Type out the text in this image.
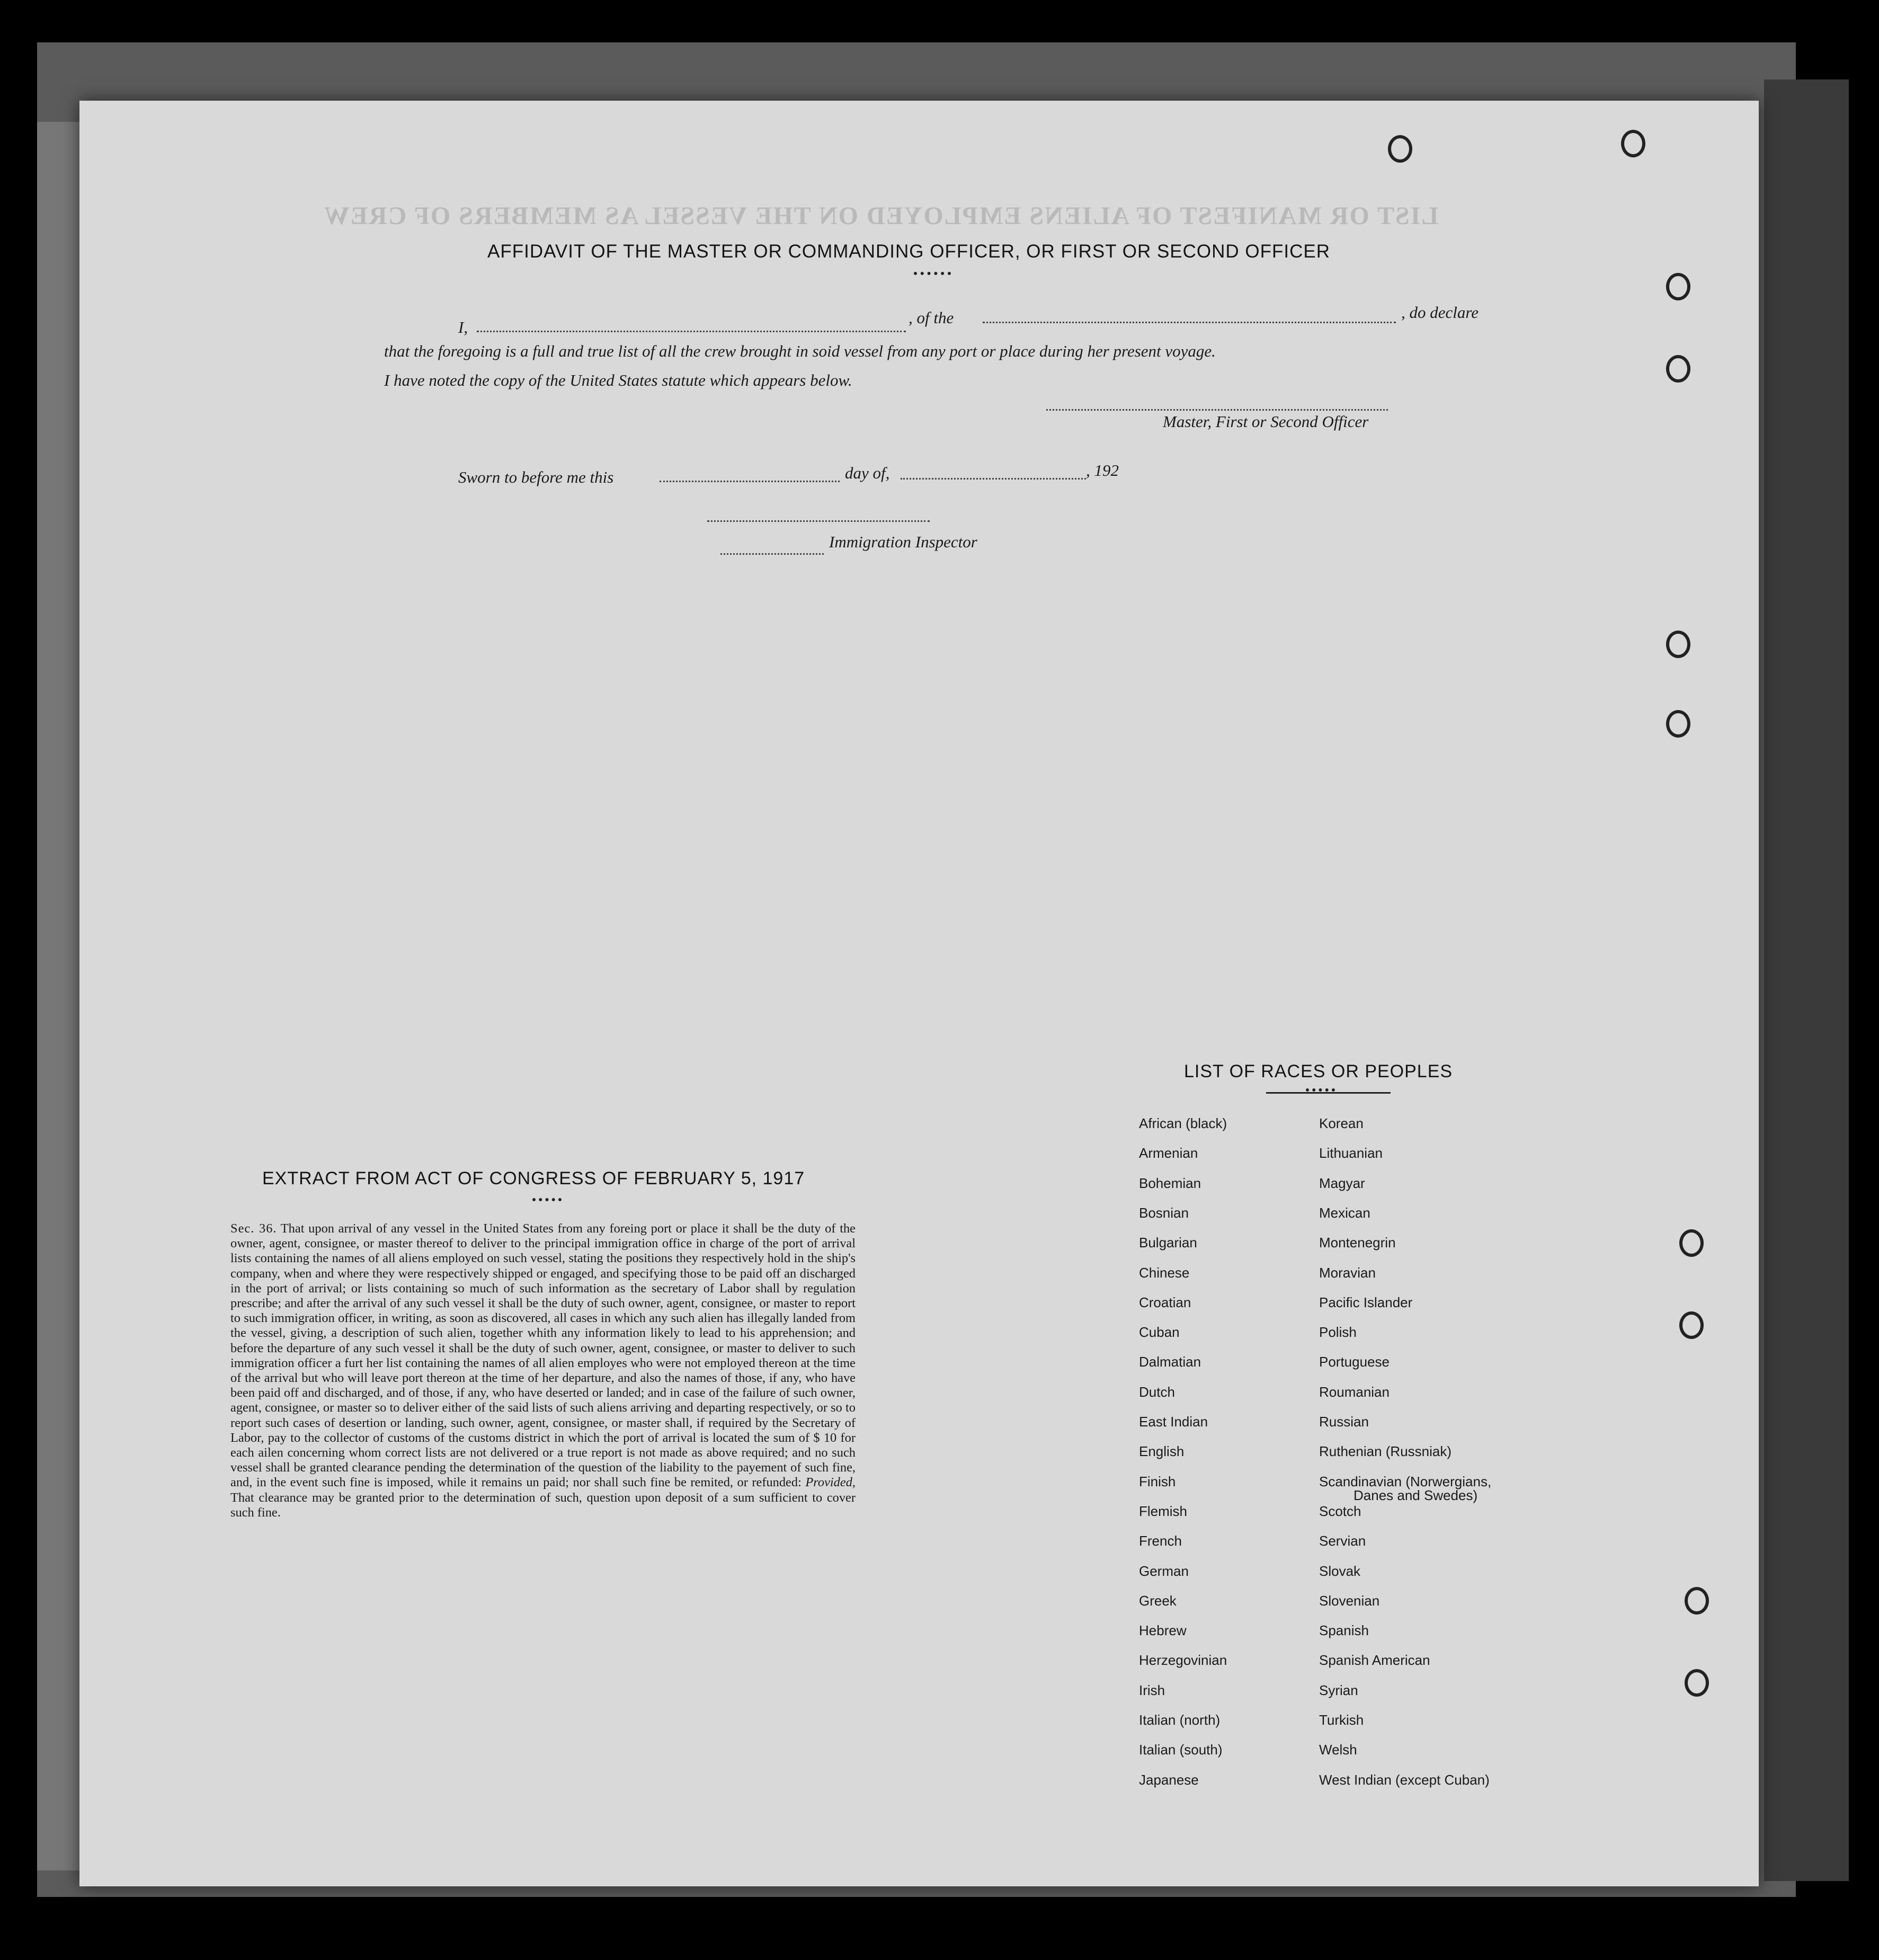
LIST OR MANIFEST OF ALIENS EMPLOYED ON THE VESSEL AS MEMBERS OF CREW
AFFIDAVIT OF THE MASTER OR COMMANDING OFFICER, OR FIRST OR SECOND OFFICER
I,
, of the	, do declare
that the foregoing is a full and true list of all the crew brought in soid vessel from any port or place during her present voyage.
I have noted the copy of the United States statute which appears below.
Master, First or Second Officer
Sworn to before me this	day of,	, 192
Immigration Inspector
EXTRACT FROM ACT OF CONGRESS OF FEBRUARY 5, 1917
Sec. 36. That upon arrival of any vessel in the United States from any foreing port or place it shall be the duty of the owner, agent, consignee, or master thereof to deliver to the principal immigration office in charge of the port of arrival lists containing the names of all aliens employed on such vessel, stating the positions they respectively hold in the ship's company, when and where they were respectively shipped or engaged, and specifying those to be paid off an discharged in the port of arrival; or lists containing so much of such information as the secretary of Labor shall by regulation prescribe; and after the arrival of any such vessel it shall be the duty of such owner, agent, consignee, or master to report to such immigration officer, in writing, as soon as discovered, all cases in which any such alien has illegally landed from the vessel, giving, a description of such alien, together whith any information likely to lead to his apprehension; and before the departure of any such vessel it shall be the duty of such owner, agent, consignee, or master to deliver to such immigration officer a furt her list containing the names of all alien employes who were not employed thereon at the time of the arrival but who will leave port thereon at the time of her departure, and also the names of those, if any, who have been paid off and discharged, and of those, if any, who have deserted or landed; and in case of the failure of such owner, agent, consignee, or master so to deliver either of the said lists of such aliens arriving and departing respectively, or so to report such cases of desertion or landing, such owner, agent, consignee, or master shall, if required by the Secretary of Labor, pay to the collector of customs of the customs district in which the port of arrival is located the sum of $ 10 for each ailen concerning whom correct lists are not delivered or a true report is not made as above required; and no such vessel shall be granted clearance pending the determination of the question of the liability to the payement of such fine, and, in the event such fine is imposed, while it remains un paid; nor shall such fine be remited, or refunded: Provided, That clearance may be granted prior to the determination of such, question upon deposit of a sum sufficient to cover such fine.
LIST OF RACES OR PEOPLES
African (black)
Armenian
Bohemian
Bosnian
Bulgarian
Chinese
Croatian
Cuban
Dalmatian
Dutch
East Indian
English
Finish
Flemish
French
German
Greek
Hebrew
Herzegovinian
Irish
Italian (north)
Italian (south)
Japanese
Korean
Lithuanian
Magyar
Mexican
Montenegrin
Moravian
Pacific Islander
Polish
Portuguese
Roumanian
Russian
Ruthenian (Russniak)
Scandinavian (Norwergians,
Danes and Swedes)
Scotch
Servian
Slovak
Slovenian
Spanish
Spanish American
Syrian
Turkish
Welsh
West Indian (except Cuban)
